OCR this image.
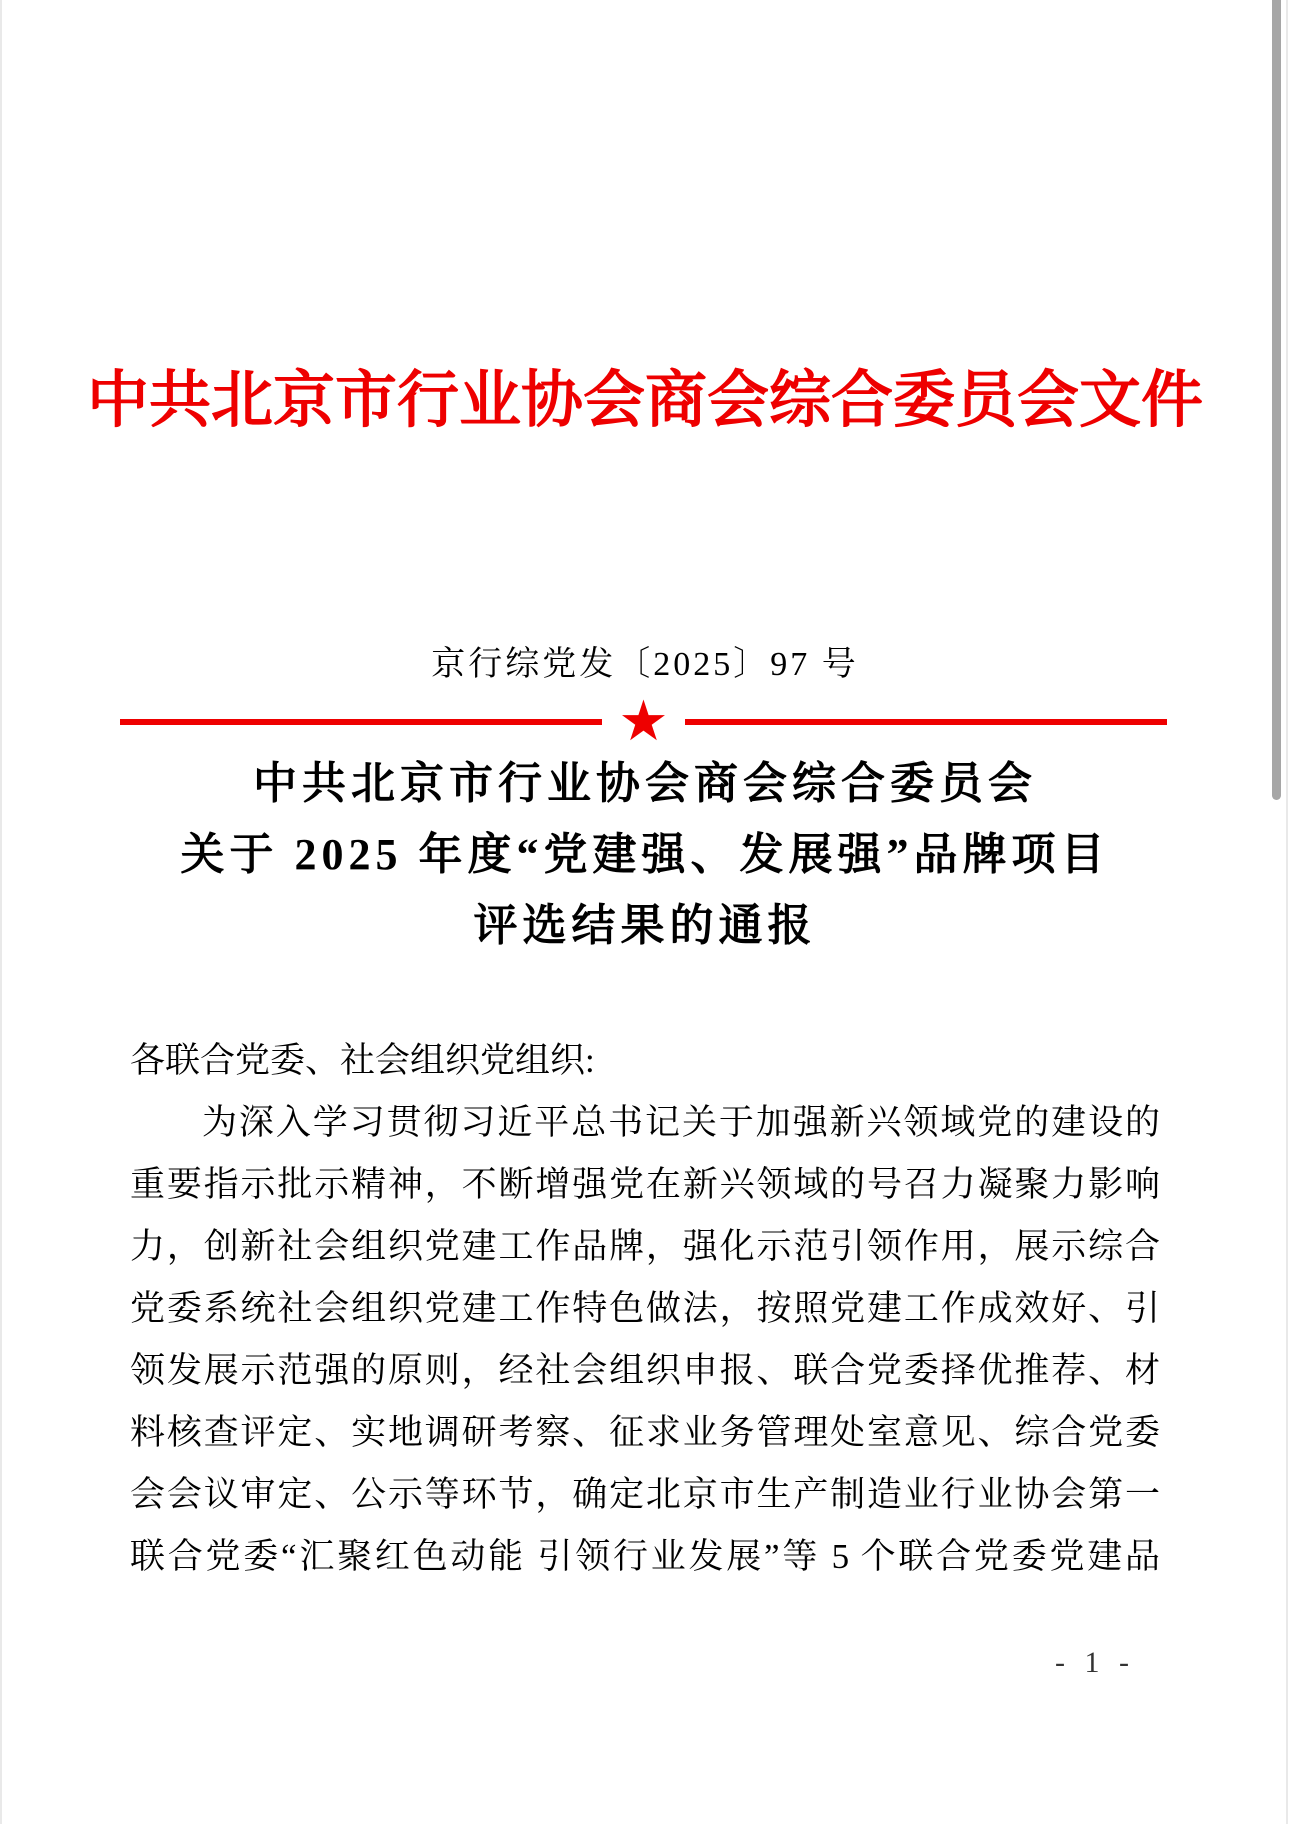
中共北京市行业协会商会综合委员会文件
京行综党发〔2025〕97 号
★
中共北京市行业协会商会综合委员会
关于 2025 年度“党建强、发展强”品牌项目
评选结果的通报
各联合党委、社会组织党组织:
为深入学习贯彻习近平总书记关于加强新兴领域党的建设的
重要指示批示精神，不断增强党在新兴领域的号召力凝聚力影响
力，创新社会组织党建工作品牌，强化示范引领作用，展示综合
党委系统社会组织党建工作特色做法，按照党建工作成效好、引
领发展示范强的原则，经社会组织申报、联合党委择优推荐、材
料核查评定、实地调研考察、征求业务管理处室意见、综合党委
会会议审定、公示等环节，确定北京市生产制造业行业协会第一
联合党委“汇聚红色动能 引领行业发展”等 5 个联合党委党建品
- 1 -
